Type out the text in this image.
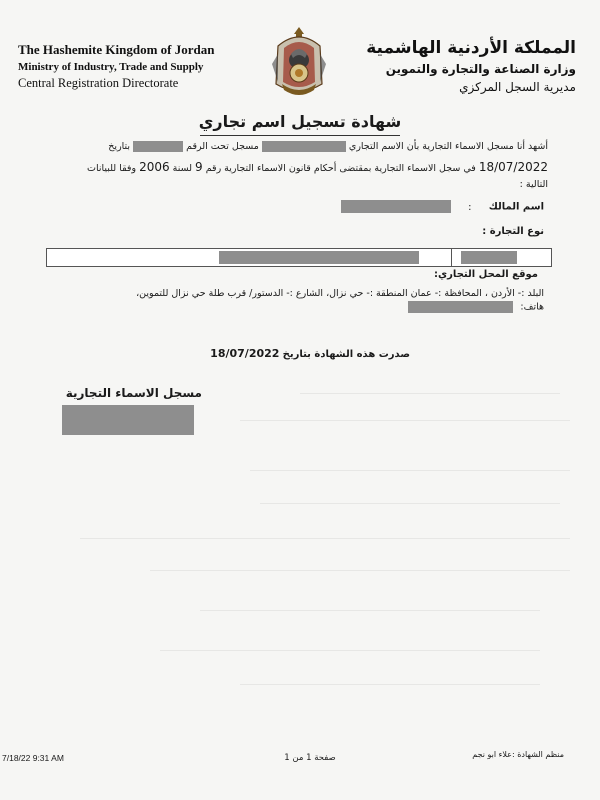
The Hashemite Kingdom of Jordan
Ministry of Industry, Trade and Supply
Central Registration Directorate
المملكة الأردنية الهاشمية
وزارة الصناعة والتجارة والتموين
مديرية السجل المركزي
شهادة تسجيل اسم تجاري
أشهد أنا مسجل الاسماء التجارية بأن الاسم التجاري  مسجل تحت الرقم  بتاريخ
18/07/2022 في سجل الاسماء التجارية بمقتضى أحكام قانون الاسماء التجارية رقم 9 لسنة 2006 وفقا للبيانات
التالية :
اسم المالك :
نوع التجارة :
موقع المحل التجاري:
البلد :- الأردن ، المحافظة :- عمان المنطقة :- حي نزال، الشارع :- الدستور/ قرب طلة حي نزال للتموين،
هاتف:
صدرت هذه الشهادة بتاريخ 18/07/2022
مسجل الاسماء التجارية
7/18/22 9:31 AM	صفحة 1 من 1	منظم الشهادة :علاء ابو نجم
